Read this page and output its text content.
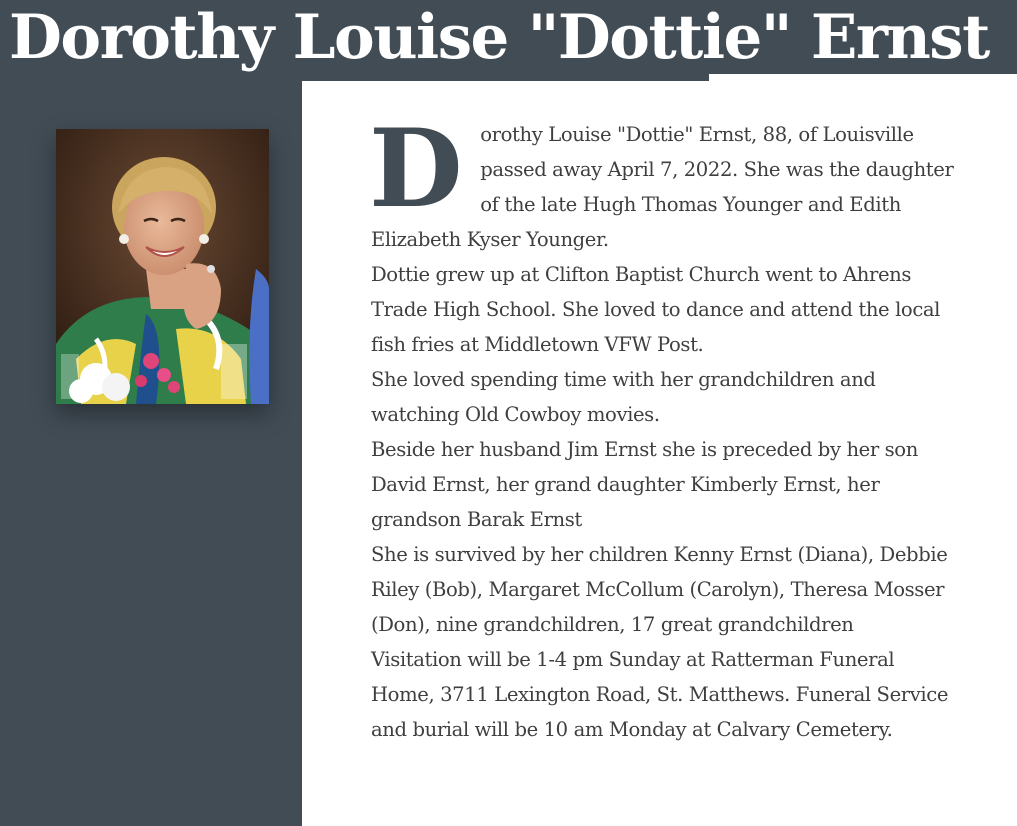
Dorothy Louise "Dottie" Ernst

Dorothy Louise "Dottie" Ernst, 88, of Louisville passed away April 7, 2022. She was the daughter of the late Hugh Thomas Younger and Edith Elizabeth Kyser Younger.

Dottie grew up at Clifton Baptist Church went to Ahrens Trade High School. She loved to dance and attend the local fish fries at Middletown VFW Post.

She loved spending time with her grandchildren and watching Old Cowboy movies.

Beside her husband Jim Ernst she is preceded by her son David Ernst, her grand daughter Kimberly Ernst, her grandson Barak Ernst

She is survived by her children Kenny Ernst (Diana), Debbie Riley (Bob), Margaret McCollum (Carolyn), Theresa Mosser (Don), nine grandchildren, 17 great grandchildren

Visitation will be 1-4 pm Sunday at Ratterman Funeral Home, 3711 Lexington Road, St. Matthews. Funeral Service and burial will be 10 am Monday at Calvary Cemetery.
